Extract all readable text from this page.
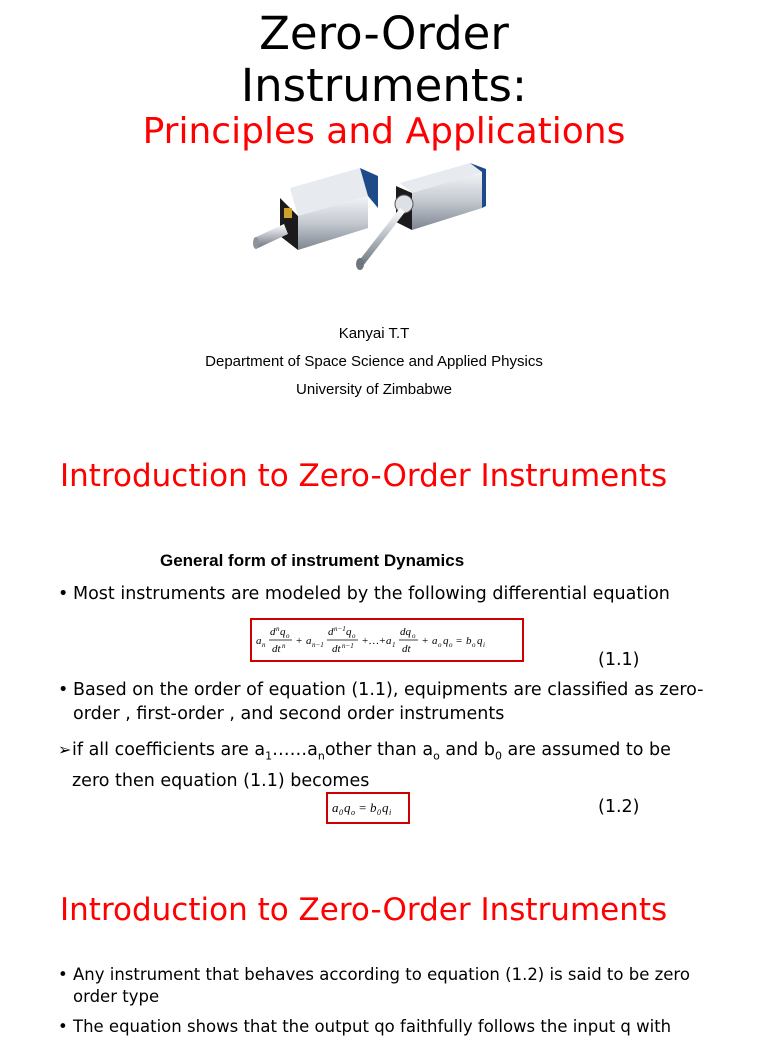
Zero-Order
Instruments:
Principles and Applications
Kanyai T.T
Department of Space Science and Applied Physics
University of Zimbabwe
Introduction to Zero-Order Instruments
General form of instrument Dynamics
• Most instruments are modeled by the following differential equation
a n
d n q o
dt n + a n−1
d n−1 q o
dt n−1 +…+ a 1
dq o
dt
+ a o q o = b o q i
(1.1)
• Based on the order of equation (1.1), equipments are classified as zero-order , first-order , and second order instruments
➢ if all coefficients are $a_1\dots\dots a_nother$ than $a_o$ and $b_0$ are assumed to be zero then equation (1.1) becomes
a 0 q o = b 0 q i	(1.2)
Introduction to Zero-Order Instruments
• Any instrument that behaves according to equation (1.2) is said to be zero order type
• The equation shows that the output qo faithfully follows the input q with
